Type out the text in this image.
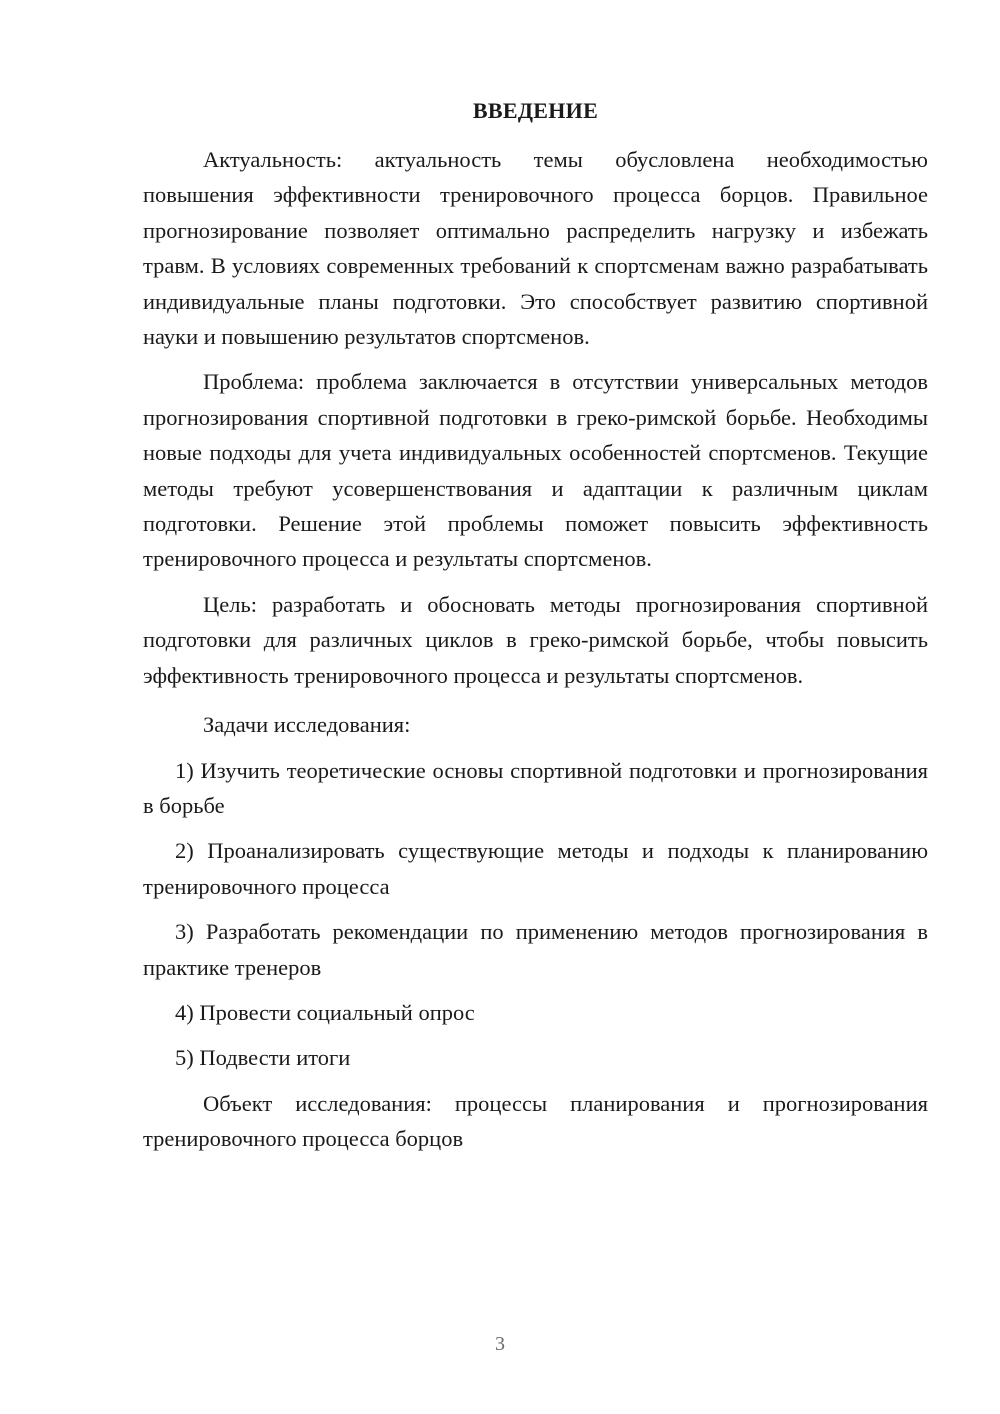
ВВЕДЕНИЕ

Актуальность: актуальность темы обусловлена необходимостью повышения эффективности тренировочного процесса борцов. Правильное прогнозирование позволяет оптимально распределить нагрузку и избежать травм. В условиях современных требований к спортсменам важно разрабатывать индивидуальные планы подготовки. Это способствует развитию спортивной науки и повышению результатов спортсменов.

Проблема: проблема заключается в отсутствии универсальных методов прогнозирования спортивной подготовки в греко-римской борьбе. Необходимы новые подходы для учета индивидуальных особенностей спортсменов. Текущие методы требуют усовершенствования и адаптации к различным циклам подготовки. Решение этой проблемы поможет повысить эффективность тренировочного процесса и результаты спортсменов.

Цель: разработать и обосновать методы прогнозирования спортивной подготовки для различных циклов в греко-римской борьбе, чтобы повысить эффективность тренировочного процесса и результаты спортсменов.

Задачи исследования:

1) Изучить теоретические основы спортивной подготовки и прогнозирования в борьбе
2) Проанализировать существующие методы и подходы к планированию тренировочного процесса
3) Разработать рекомендации по применению методов прогнозирования в практике тренеров
4) Провести социальный опрос
5) Подвести итоги

Объект исследования: процессы планирования и прогнозирования тренировочного процесса борцов

3
